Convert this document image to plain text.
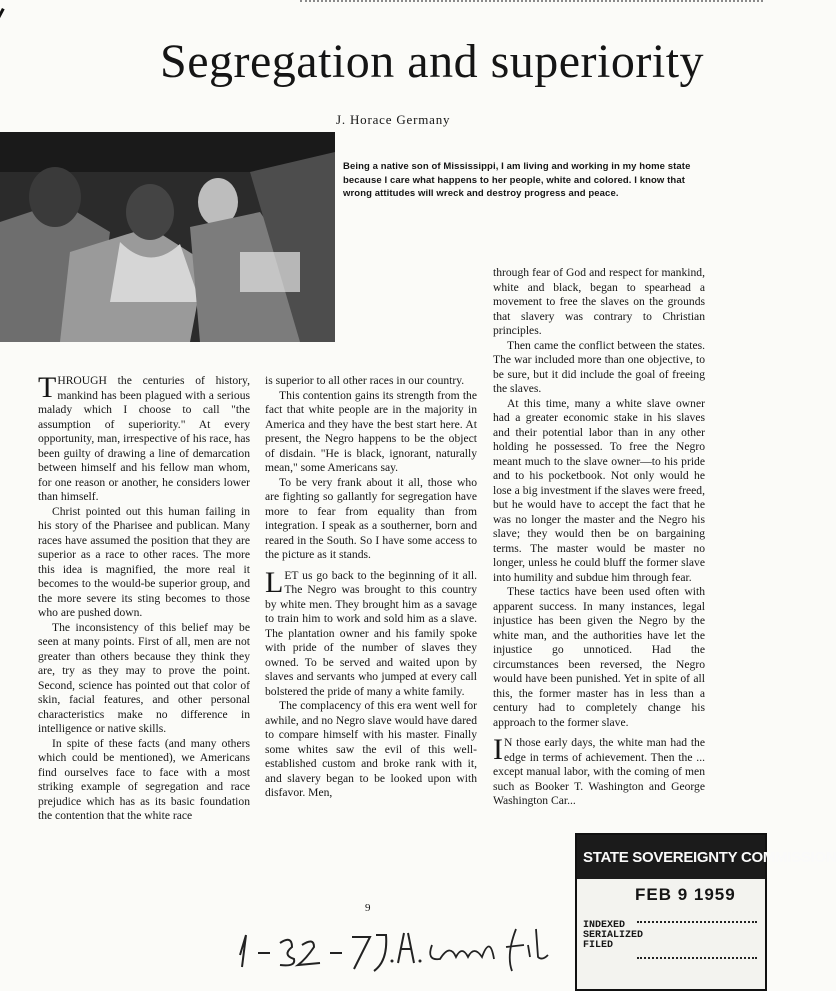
Segregation and superiority
J. Horace Germany
Being a native son of Mississippi, I am living and working in my home state because I care what happens to her people, white and colored. I know that wrong attitudes will wreck and destroy progress and peace.

THROUGH the centuries of history, mankind has been plagued with a serious malady which I choose to call "the assumption of superiority." At every opportunity, man, irrespective of his race, has been guilty of drawing a line of demarcation between himself and his fellow man whom, for one reason or another, he considers lower than himself.

Christ pointed out this human failing in his story of the Pharisee and publican. Many races have assumed the position that they are superior as a race to other races. The more this idea is magnified, the more real it becomes to the would-be superior group, and the more severe its sting becomes to those who are pushed down.

The inconsistency of this belief may be seen at many points. First of all, men are not greater than others because they think they are, try as they may to prove the point. Second, science has pointed out that color of skin, facial features, and other personal characteristics make no difference in intelligence or native skills.

In spite of these facts (and many others which could be mentioned), we Americans find ourselves face to face with a most striking example of segregation and race prejudice which has as its basic foundation the contention that the white race

is superior to all other races in our country.

This contention gains its strength from the fact that white people are in the majority in America and they have the best start here. At present, the Negro happens to be the object of disdain. "He is black, ignorant, naturally mean," some Americans say.

To be very frank about it all, those who are fighting so gallantly for segregation have more to fear from equality than from integration. I speak as a southerner, born and reared in the South. So I have some access to the picture as it stands.

LET us go back to the beginning of it all. The Negro was brought to this country by white men. They brought him as a savage to train him to work and sold him as a slave. The plantation owner and his family spoke with pride of the number of slaves they owned. To be served and waited upon by slaves and servants who jumped at every call bolstered the pride of many a white family.

The complacency of this era went well for awhile, and no Negro slave would have dared to compare himself with his master. Finally some whites saw the evil of this well-established custom and broke rank with it, and slavery began to be looked upon with disfavor. Men,

through fear of God and respect for mankind, white and black, began to spearhead a movement to free the slaves on the grounds that slavery was contrary to Christian principles.

Then came the conflict between the states. The war included more than one objective, to be sure, but it did include the goal of freeing the slaves.

At this time, many a white slave owner had a greater economic stake in his slaves and their potential labor than in any other holding he possessed. To free the Negro meant much to the slave owner—to his pride and to his pocketbook. Not only would he lose a big investment if the slaves were freed, but he would have to accept the fact that he was no longer the master and the Negro his slave; they would then be on bargaining terms. The master would be master no longer, unless he could bluff the former slave into humility and subdue him through fear.

These tactics have been used often with apparent success. In many instances, legal injustice has been given the Negro by the white man, and the authorities have let the injustice go unnoticed. Had the circumstances been reversed, the Negro would have been punished. Yet in spite of all this, the former master has in less than a century had to completely change his approach to the former slave.

I N those early days, the white man had the edge in terms of achievement. Then the ... except manual labor, with the coming of men such as Booker T. Washington and George Washington Car...

9
STATE SOVEREIGNTY COMMISSION
FEB 9 1959
INDEXED
SERIALIZED
FILED
